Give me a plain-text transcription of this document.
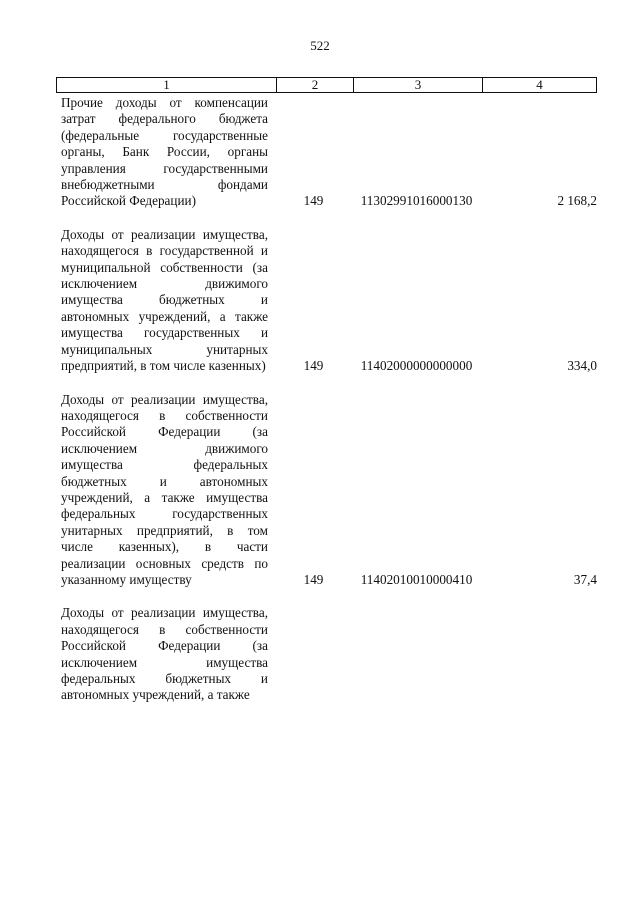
522
1	2	3	4
Прочие доходы от компенсации затрат федерального бюджета (федеральные государственные органы, Банк России, органы управления государственными внебюджетными фондами Российской Федерации)	149	11302991016000130	2 168,2
Доходы от реализации имущества, находящегося в государственной и муниципальной собственности (за исключением движимого имущества бюджетных и автономных учреждений, а также имущества государственных и муниципальных унитарных предприятий, в том числе казенных)	149	11402000000000000	334,0
Доходы от реализации имущества, находящегося в собственности Российской Федерации (за исключением движимого имущества федеральных бюджетных и автономных учреждений, а также имущества федеральных государственных унитарных предприятий, в том числе казенных), в части реализации основных средств по указанному имуществу	149	11402010010000410	37,4
Доходы от реализации имущества, находящегося в собственности Российской Федерации (за исключением имущества федеральных бюджетных и автономных учреждений, а также
